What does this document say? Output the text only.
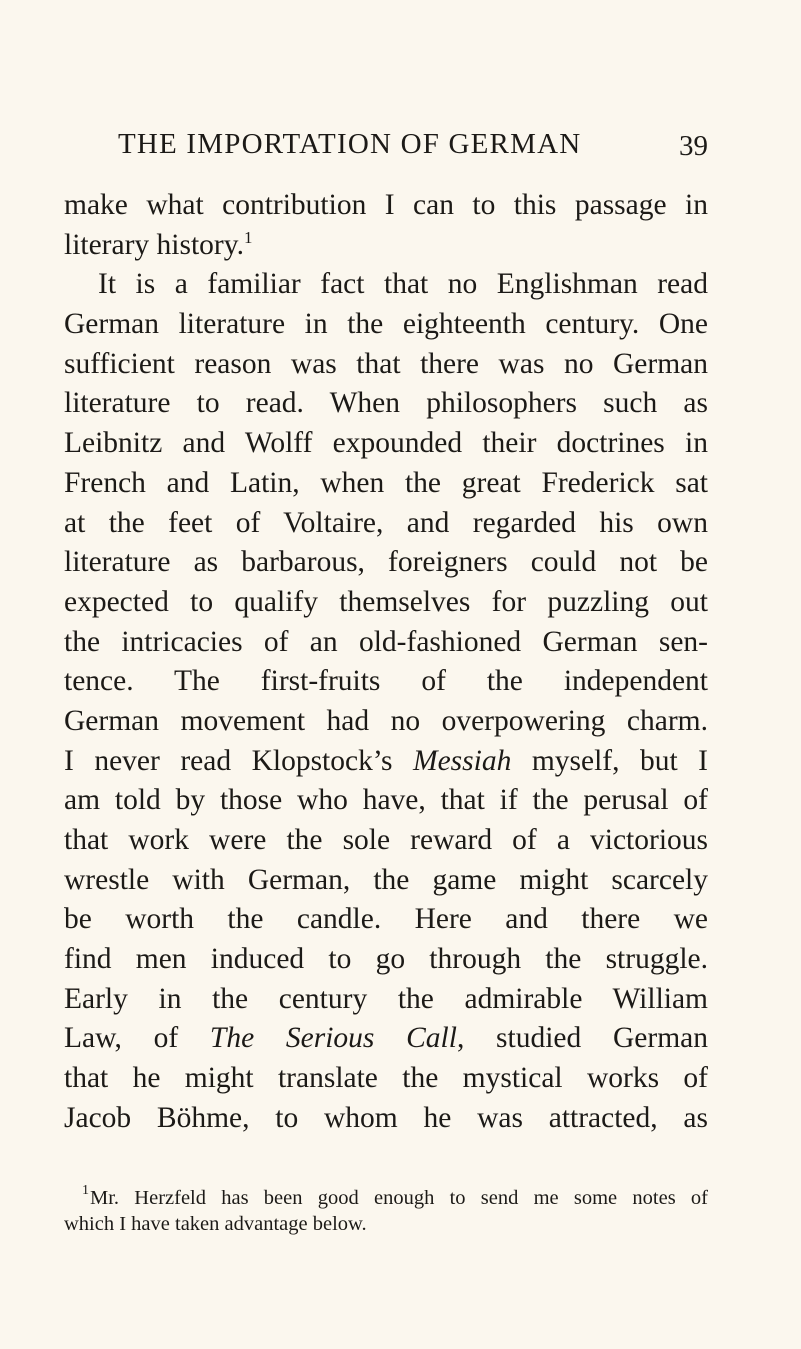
THE IMPORTATION OF GERMAN	39
make what contribution I can to this passage in
literary history.$^1$
It is a familiar fact that no Englishman read
German literature in the eighteenth century. One
sufficient reason was that there was no German
literature to read. When philosophers such as
Leibnitz and Wolff expounded their doctrines in
French and Latin, when the great Frederick sat
at the feet of Voltaire, and regarded his own
literature as barbarous, foreigners could not be
expected to qualify themselves for puzzling out
the intricacies of an old-fashioned German sen-
tence. The first-fruits of the independent
German movement had no overpowering charm.
I never read Klopstock’s Messiah myself, but I
am told by those who have, that if the perusal of
that work were the sole reward of a victorious
wrestle with German, the game might scarcely
be worth the candle. Here and there we
find men induced to go through the struggle.
Early in the century the admirable William
Law, of The Serious Call, studied German
that he might translate the mystical works of
Jacob Böhme, to whom he was attracted, as
1 Mr. Herzfeld has been good enough to send me some notes of
which I have taken advantage below.
